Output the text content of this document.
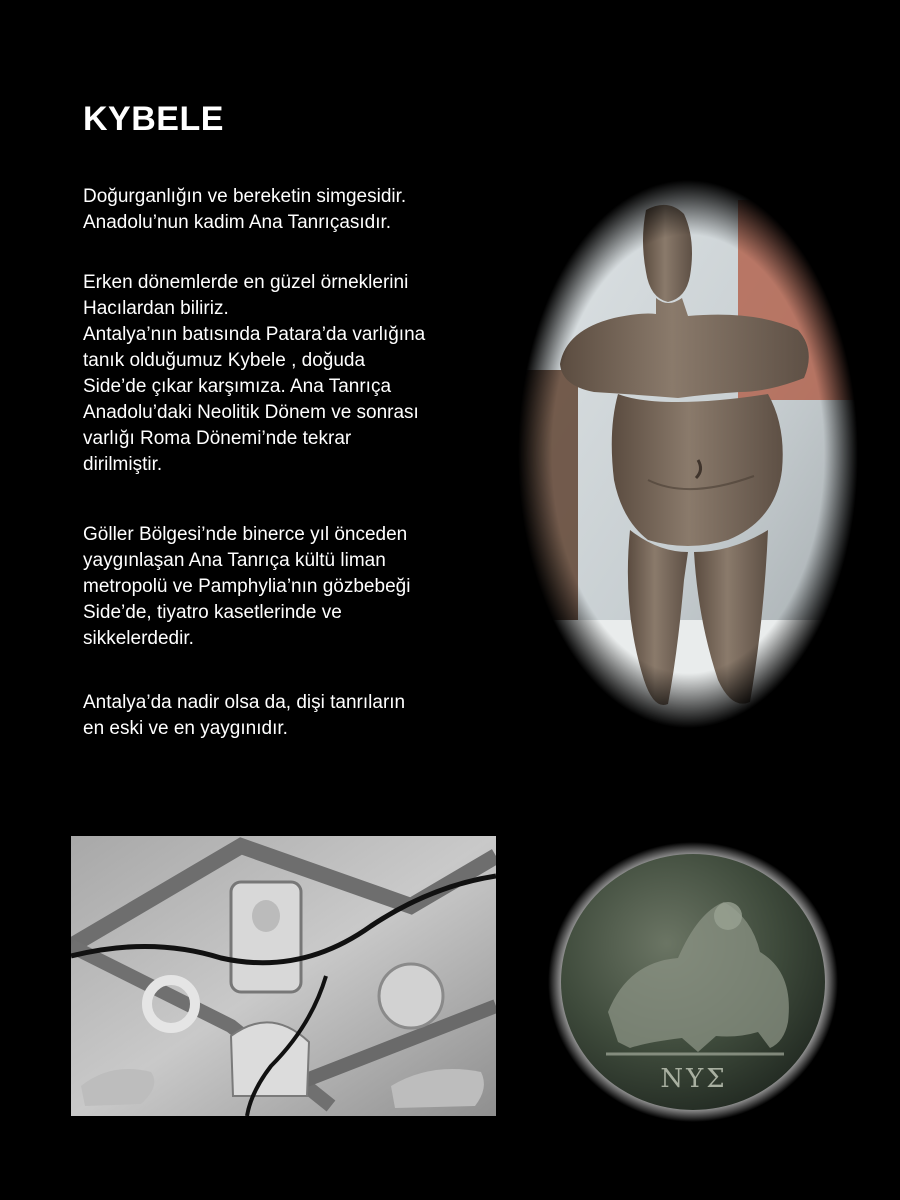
KYBELE

Doğurganlığın ve bereketin simgesidir.
Anadolu’nun kadim Ana Tanrıçasıdır.

Erken dönemlerde en güzel örneklerini
Hacılardan biliriz.
Antalya’nın batısında Patara’da varlığına
tanık olduğumuz Kybele , doğuda
Side’de çıkar karşımıza. Ana Tanrıça
Anadolu’daki Neolitik Dönem ve sonrası
varlığı Roma Dönemi’nde tekrar
dirilmiştir.

Göller Bölgesi’nde binerce yıl önceden
yaygınlaşan Ana Tanrıça kültü liman
metropolü ve Pamphylia’nın gözbebeği
Side’de, tiyatro kasetlerinde ve
sikkelerdedir.

Antalya’da nadir olsa da, dişi tanrıların
en eski ve en yaygınıdır.

NYΣ
